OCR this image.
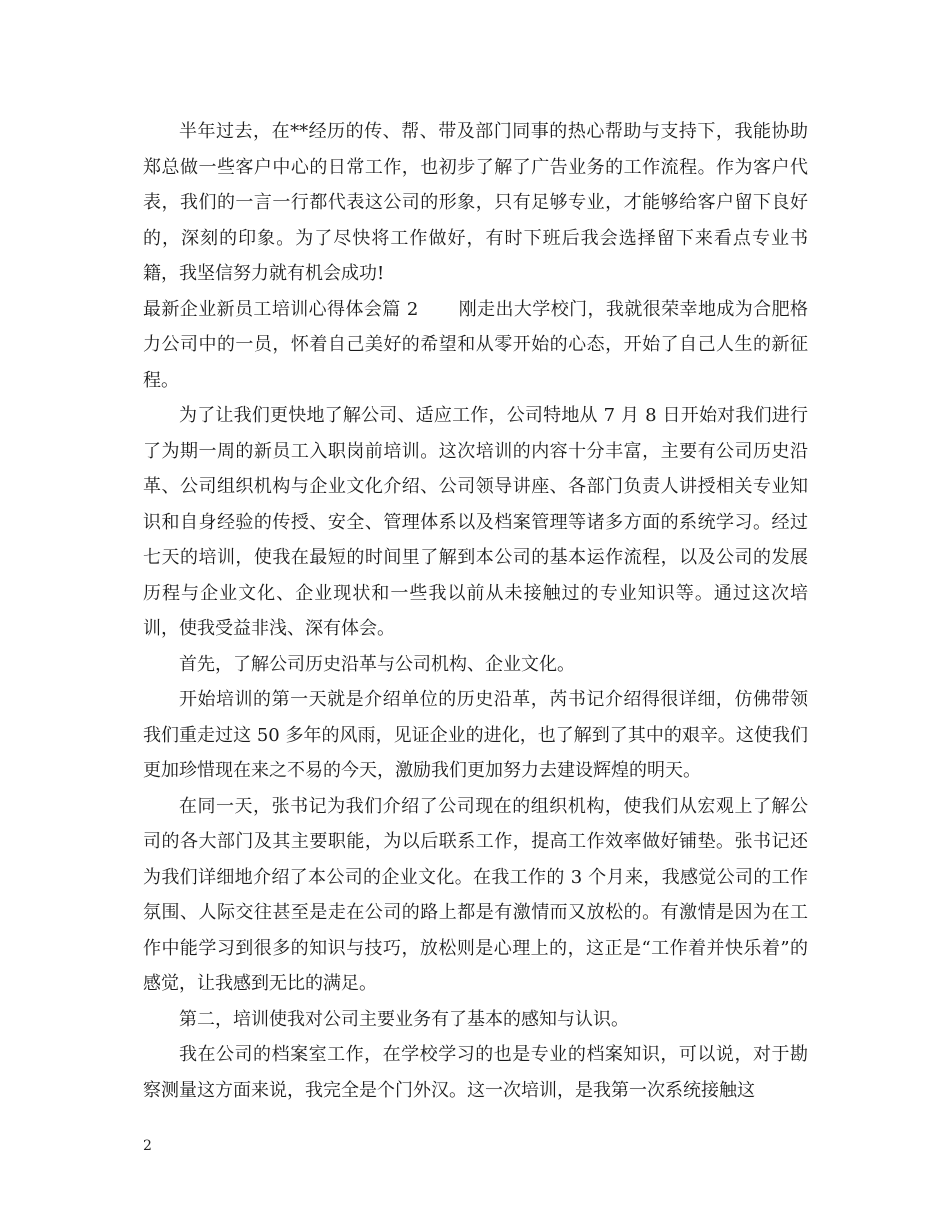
半年过去，在**经历的传、帮、带及部门同事的热心帮助与支持下，我能协助郑总做一些客户中心的日常工作，也初步了解了广告业务的工作流程。作为客户代表，我们的一言一行都代表这公司的形象，只有足够专业，才能够给客户留下良好的，深刻的印象。为了尽快将工作做好，有时下班后我会选择留下来看点专业书籍，我坚信努力就有机会成功!

最新企业新员工培训心得体会篇 2 刚走出大学校门，我就很荣幸地成为合肥格力公司中的一员，怀着自己美好的希望和从零开始的心态，开始了自己人生的新征程。

为了让我们更快地了解公司、适应工作，公司特地从 7 月 8 日开始对我们进行了为期一周的新员工入职岗前培训。这次培训的内容十分丰富，主要有公司历史沿革、公司组织机构与企业文化介绍、公司领导讲座、各部门负责人讲授相关专业知识和自身经验的传授、安全、管理体系以及档案管理等诸多方面的系统学习。经过七天的培训，使我在最短的时间里了解到本公司的基本运作流程，以及公司的发展历程与企业文化、企业现状和一些我以前从未接触过的专业知识等。通过这次培训，使我受益非浅、深有体会。

首先，了解公司历史沿革与公司机构、企业文化。

开始培训的第一天就是介绍单位的历史沿革，芮书记介绍得很详细，仿佛带领我们重走过这 50 多年的风雨，见证企业的进化，也了解到了其中的艰辛。这使我们更加珍惜现在来之不易的今天，激励我们更加努力去建设辉煌的明天。

在同一天，张书记为我们介绍了公司现在的组织机构，使我们从宏观上了解公司的各大部门及其主要职能，为以后联系工作，提高工作效率做好铺垫。张书记还为我们详细地介绍了本公司的企业文化。在我工作的 3 个月来，我感觉公司的工作氛围、人际交往甚至是走在公司的路上都是有激情而又放松的。有激情是因为在工作中能学习到很多的知识与技巧，放松则是心理上的，这正是“工作着并快乐着”的感觉，让我感到无比的满足。

第二，培训使我对公司主要业务有了基本的感知与认识。

我在公司的档案室工作，在学校学习的也是专业的档案知识，可以说，对于勘察测量这方面来说，我完全是个门外汉。这一次培训，是我第一次系统接触这

2
